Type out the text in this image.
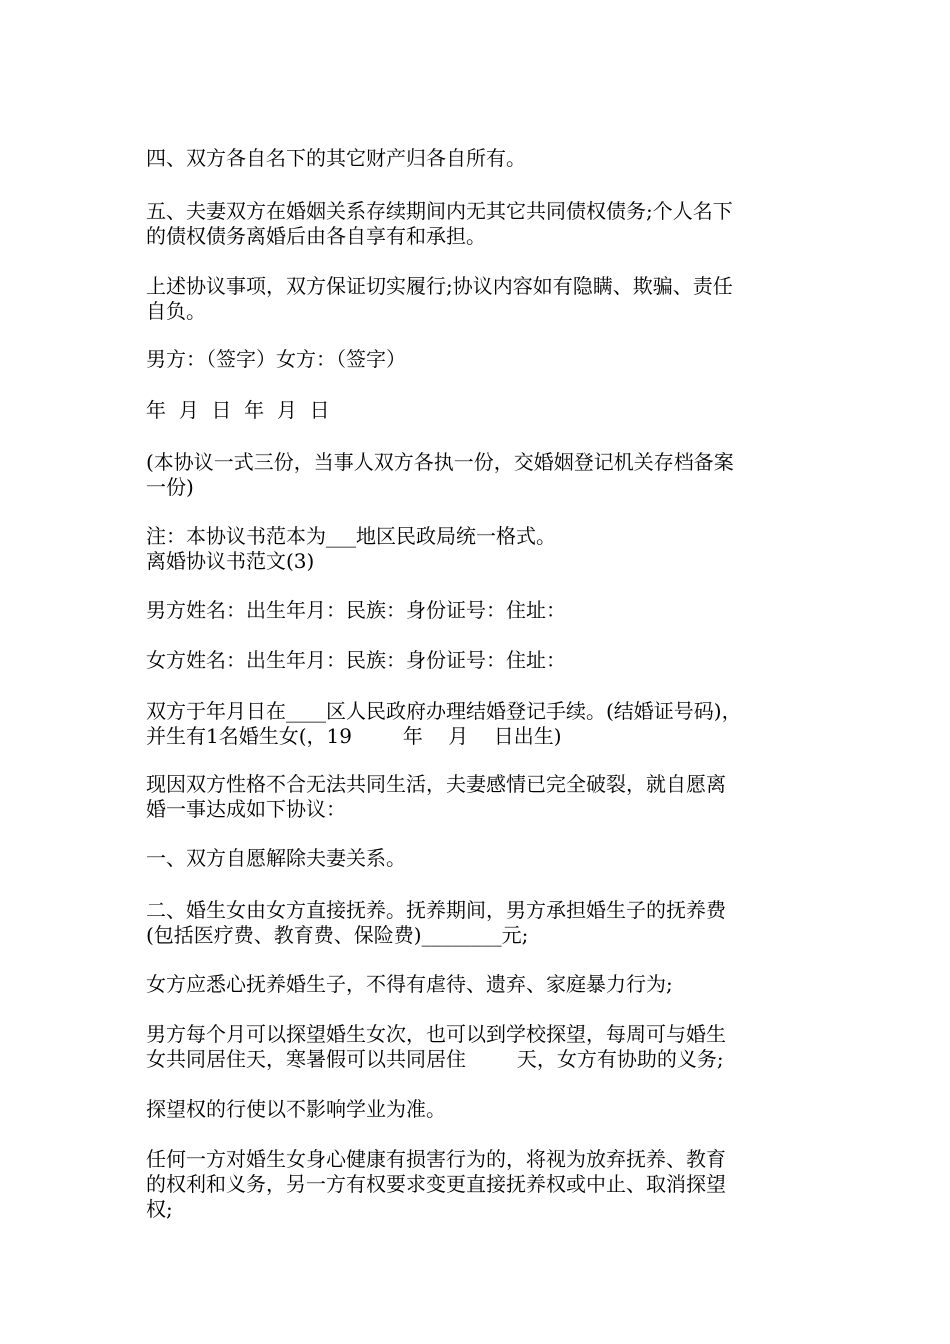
四、双方各自名下的其它财产归各自所有。

五、夫妻双方在婚姻关系存续期间内无其它共同债权债务;个人名下
的债权债务离婚后由各自享有和承担。

上述协议事项，双方保证切实履行;协议内容如有隐瞒、欺骗、责任
自负。

男方：（签字）女方：（签字）

年  月  日  年  月  日

(本协议一式三份，当事人双方各执一份，交婚姻登记机关存档备案
一份)

注：本协议书范本为___地区民政局统一格式。
离婚协议书范文(3)

男方姓名：出生年月：民族：身份证号：住址：

女方姓名：出生年月：民族：身份证号：住址：

双方于年月日在____区人民政府办理结婚登记手续。(结婚证号码)，
并生有1名婚生女(，19        年    月    日出生)

现因双方性格不合无法共同生活，夫妻感情已完全破裂，就自愿离
婚一事达成如下协议：

一、双方自愿解除夫妻关系。

二、婚生女由女方直接抚养。抚养期间，男方承担婚生子的抚养费
(包括医疗费、教育费、保险费)________元;

女方应悉心抚养婚生子，不得有虐待、遗弃、家庭暴力行为;

男方每个月可以探望婚生女次，也可以到学校探望，每周可与婚生
女共同居住天，寒暑假可以共同居住        天，女方有协助的义务;

探望权的行使以不影响学业为准。

任何一方对婚生女身心健康有损害行为的，将视为放弃抚养、教育
的权利和义务，另一方有权要求变更直接抚养权或中止、取消探望
权;
